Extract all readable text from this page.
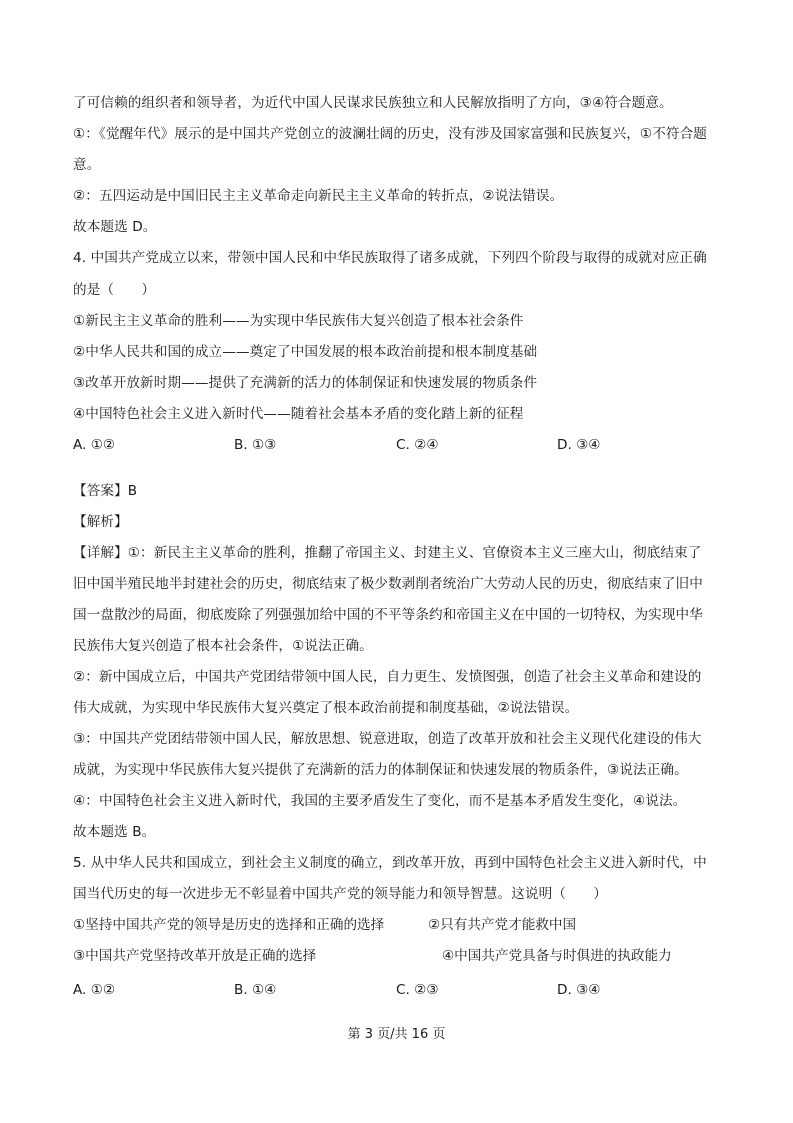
了可信赖的组织者和领导者，为近代中国人民谋求民族独立和人民解放指明了方向，③④符合题意。
①：《觉醒年代》展示的是中国共产党创立的波澜壮阔的历史，没有涉及国家富强和民族复兴，①不符合题
意。
②：五四运动是中国旧民主主义革命走向新民主主义革命的转折点，②说法错误。
故本题选 D。
4. 中国共产党成立以来，带领中国人民和中华民族取得了诸多成就，下列四个阶段与取得的成就对应正确
的是（　　）
①新民主主义革命的胜利——为实现中华民族伟大复兴创造了根本社会条件
②中华人民共和国的成立——奠定了中国发展的根本政治前提和根本制度基础
③改革开放新时期——提供了充满新的活力的体制保证和快速发展的物质条件
④中国特色社会主义进入新时代——随着社会基本矛盾的变化踏上新的征程
A. ①②	B. ①③	C. ②④	D. ③④
【答案】B
【解析】
【详解】①：新民主主义革命的胜利，推翻了帝国主义、封建主义、官僚资本主义三座大山，彻底结束了
旧中国半殖民地半封建社会的历史，彻底结束了极少数剥削者统治广大劳动人民的历史，彻底结束了旧中
国一盘散沙的局面，彻底废除了列强强加给中国的不平等条约和帝国主义在中国的一切特权，为实现中华
民族伟大复兴创造了根本社会条件，①说法正确。
②：新中国成立后，中国共产党团结带领中国人民，自力更生、发愤图强，创造了社会主义革命和建设的
伟大成就，为实现中华民族伟大复兴奠定了根本政治前提和制度基础，②说法错误。
③：中国共产党团结带领中国人民，解放思想、锐意进取，创造了改革开放和社会主义现代化建设的伟大
成就，为实现中华民族伟大复兴提供了充满新的活力的体制保证和快速发展的物质条件，③说法正确。
④：中国特色社会主义进入新时代，我国的主要矛盾发生了变化，而不是基本矛盾发生变化，④说法。
故本题选 B。
5. 从中华人民共和国成立，到社会主义制度的确立，到改革开放，再到中国特色社会主义进入新时代，中
国当代历史的每一次进步无不彰显着中国共产党的领导能力和领导智慧。这说明（　　）
①坚持中国共产党的领导是历史的选择和正确的选择	②只有共产党才能救中国
③中国共产党坚持改革开放是正确的选择	④中国共产党具备与时俱进的执政能力
A. ①②	B. ①④	C. ②③	D. ③④
第 3 页/共 16 页
